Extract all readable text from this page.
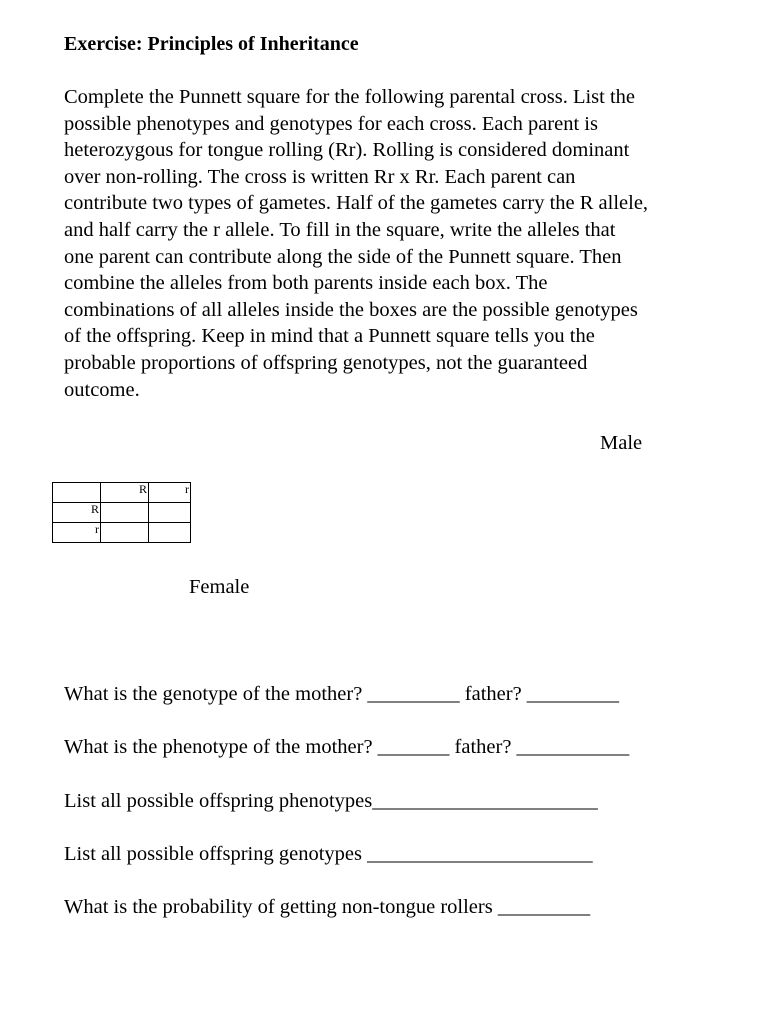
Exercise: Principles of Inheritance
Complete the Punnett square for the following parental cross. List the
possible phenotypes and genotypes for each cross. Each parent is
heterozygous for tongue rolling (Rr). Rolling is considered dominant
over non-rolling. The cross is written Rr x Rr. Each parent can
contribute two types of gametes. Half of the gametes carry the R allele,
and half carry the r allele. To fill in the square, write the alleles that
one parent can contribute along the side of the Punnett square. Then
combine the alleles from both parents inside each box. The
combinations of all alleles inside the boxes are the possible genotypes
of the offspring. Keep in mind that a Punnett square tells you the
probable proportions of offspring genotypes, not the guaranteed
outcome.
Male
	R	r
R		
r		
Female
What is the genotype of the mother? _________ father? _________
What is the phenotype of the mother? _______ father? ___________
List all possible offspring phenotypes______________________
List all possible offspring genotypes ______________________
What is the probability of getting non-tongue rollers _________
